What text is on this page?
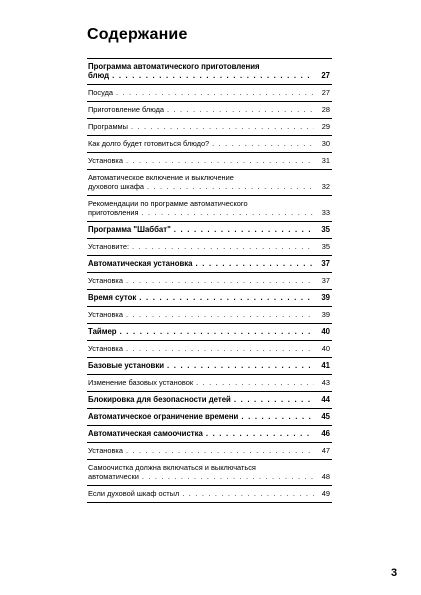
Содержание
Программа автоматического приготовления
блюд . . .	27
Посуда . . .	27
Приготовление блюда . . .	28
Программы . . .	29
Как долго будет готовиться блюдо? . . .	30
Установка . . .	31
Автоматическое включение и выключение
духового шкафа . . .	32
Рекомендации по программе автоматического
приготовления . . .	33
Программа "Шаббат" . . .	35
Установите: . . .	35
Автоматическая установка . . .	37
Установка . . .	37
Время суток . . .	39
Установка . . .	39
Таймер . . .	40
Установка . . .	40
Базовые установки . . .	41
Изменение базовых установок . . .	43
Блокировка для безопасности детей . . .	44
Автоматическое ограничение времени . . .	45
Автоматическая самоочистка . . .	46
Установка . . .	47
Самоочистка должна включаться и выключаться
автоматически . . .	48
Если духовой шкаф остыл . . .	49
3
